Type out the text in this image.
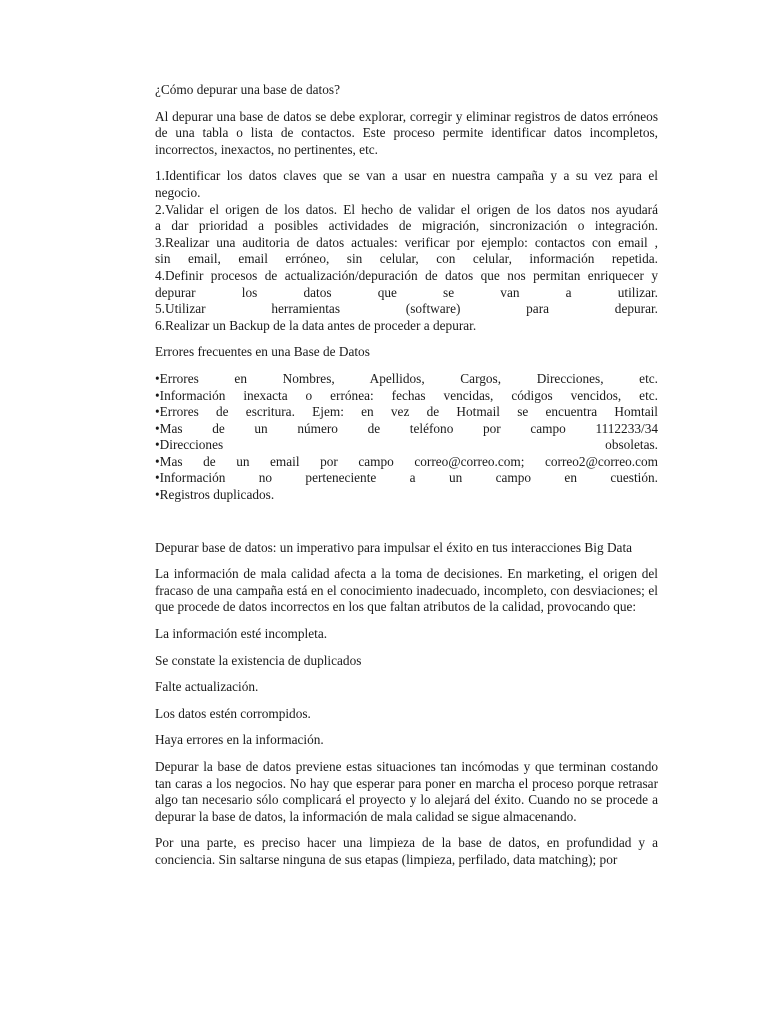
¿Cómo depurar una base de datos?

Al depurar una base de datos se debe explorar, corregir y eliminar registros de datos erróneos de una tabla o lista de contactos. Este proceso permite identificar datos incompletos, incorrectos, inexactos, no pertinentes, etc.

1.Identificar los datos claves que se van a usar en nuestra campaña y a su vez para el
negocio.
2.Validar el origen de los datos. El hecho de validar el origen de los datos nos ayudará
a dar prioridad a posibles actividades de migración, sincronización o integración.
3.Realizar una auditoria de datos actuales: verificar por ejemplo: contactos con email ,
sin email, email erróneo, sin celular, con celular, información repetida.
4.Definir procesos de actualización/depuración de datos que nos permitan enriquecer y
depurar los datos que se van a utilizar.
5.Utilizar herramientas (software) para depurar.
6.Realizar un Backup de la data antes de proceder a depurar.

Errores frecuentes en una Base de Datos

•Errores en Nombres, Apellidos, Cargos, Direcciones, etc.
•Información inexacta o errónea: fechas vencidas, códigos vencidos, etc.
•Errores de escritura. Ejem: en vez de Hotmail se encuentra Homtail
•Mas de un número de teléfono por campo 1112233/34
•Direcciones obsoletas.
•Mas de un email por campo correo@correo.com; correo2@correo.com
•Información no perteneciente a un campo en cuestión.
•Registros duplicados.

Depurar base de datos: un imperativo para impulsar el éxito en tus interacciones Big Data

La información de mala calidad afecta a la toma de decisiones. En marketing, el origen del fracaso de una campaña está en el conocimiento inadecuado, incompleto, con desviaciones; el que procede de datos incorrectos en los que faltan atributos de la calidad, provocando que:

La información esté incompleta.

Se constate la existencia de duplicados

Falte actualización.

Los datos estén corrompidos.

Haya errores en la información.

Depurar la base de datos previene estas situaciones tan incómodas y que terminan costando tan caras a los negocios. No hay que esperar para poner en marcha el proceso porque retrasar algo tan necesario sólo complicará el proyecto y lo alejará del éxito. Cuando no se procede a depurar la base de datos, la información de mala calidad se sigue almacenando.

Por una parte, es preciso hacer una limpieza de la base de datos, en profundidad y a conciencia. Sin saltarse ninguna de sus etapas (limpieza, perfilado, data matching); por
